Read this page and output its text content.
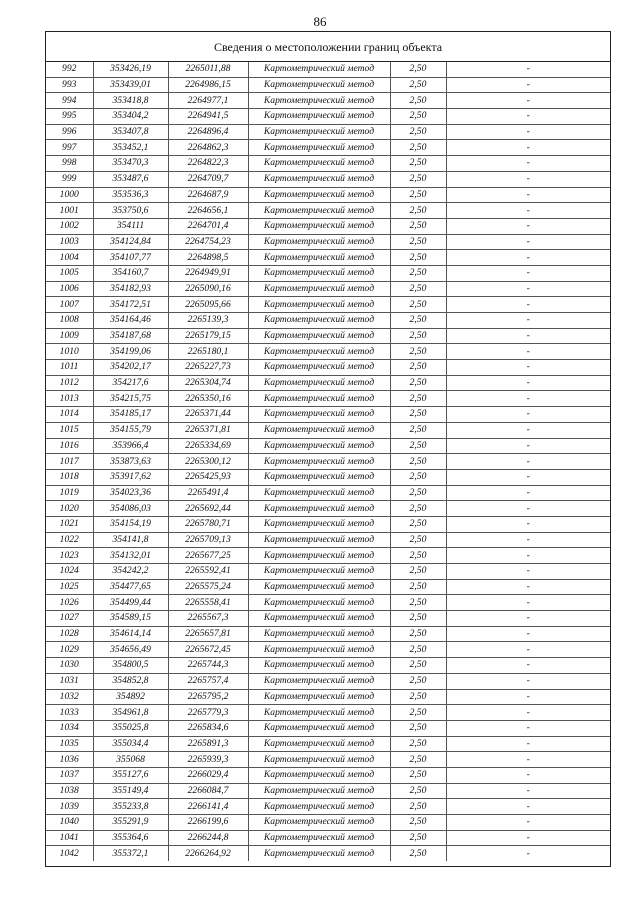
86
Сведения о местоположении границ объекта
992	353426,19	2265011,88	Картометрический метод	2,50	-
993	353439,01	2264986,15	Картометрический метод	2,50	-
994	353418,8	2264977,1	Картометрический метод	2,50	-
995	353404,2	2264941,5	Картометрический метод	2,50	-
996	353407,8	2264896,4	Картометрический метод	2,50	-
997	353452,1	2264862,3	Картометрический метод	2,50	-
998	353470,3	2264822,3	Картометрический метод	2,50	-
999	353487,6	2264709,7	Картометрический метод	2,50	-
1000	353536,3	2264687,9	Картометрический метод	2,50	-
1001	353750,6	2264656,1	Картометрический метод	2,50	-
1002	354111	2264701,4	Картометрический метод	2,50	-
1003	354124,84	2264754,23	Картометрический метод	2,50	-
1004	354107,77	2264898,5	Картометрический метод	2,50	-
1005	354160,7	2264949,91	Картометрический метод	2,50	-
1006	354182,93	2265090,16	Картометрический метод	2,50	-
1007	354172,51	2265095,66	Картометрический метод	2,50	-
1008	354164,46	2265139,3	Картометрический метод	2,50	-
1009	354187,68	2265179,15	Картометрический метод	2,50	-
1010	354199,06	2265180,1	Картометрический метод	2,50	-
1011	354202,17	2265227,73	Картометрический метод	2,50	-
1012	354217,6	2265304,74	Картометрический метод	2,50	-
1013	354215,75	2265350,16	Картометрический метод	2,50	-
1014	354185,17	2265371,44	Картометрический метод	2,50	-
1015	354155,79	2265371,81	Картометрический метод	2,50	-
1016	353966,4	2265334,69	Картометрический метод	2,50	-
1017	353873,63	2265300,12	Картометрический метод	2,50	-
1018	353917,62	2265425,93	Картометрический метод	2,50	-
1019	354023,36	2265491,4	Картометрический метод	2,50	-
1020	354086,03	2265692,44	Картометрический метод	2,50	-
1021	354154,19	2265780,71	Картометрический метод	2,50	-
1022	354141,8	2265709,13	Картометрический метод	2,50	-
1023	354132,01	2265677,25	Картометрический метод	2,50	-
1024	354242,2	2265592,41	Картометрический метод	2,50	-
1025	354477,65	2265575,24	Картометрический метод	2,50	-
1026	354499,44	2265558,41	Картометрический метод	2,50	-
1027	354589,15	2265567,3	Картометрический метод	2,50	-
1028	354614,14	2265657,81	Картометрический метод	2,50	-
1029	354656,49	2265672,45	Картометрический метод	2,50	-
1030	354800,5	2265744,3	Картометрический метод	2,50	-
1031	354852,8	2265757,4	Картометрический метод	2,50	-
1032	354892	2265795,2	Картометрический метод	2,50	-
1033	354961,8	2265779,3	Картометрический метод	2,50	-
1034	355025,8	2265834,6	Картометрический метод	2,50	-
1035	355034,4	2265891,3	Картометрический метод	2,50	-
1036	355068	2265939,3	Картометрический метод	2,50	-
1037	355127,6	2266029,4	Картометрический метод	2,50	-
1038	355149,4	2266084,7	Картометрический метод	2,50	-
1039	355233,8	2266141,4	Картометрический метод	2,50	-
1040	355291,9	2266199,6	Картометрический метод	2,50	-
1041	355364,6	2266244,8	Картометрический метод	2,50	-
1042	355372,1	2266264,92	Картометрический метод	2,50	-
